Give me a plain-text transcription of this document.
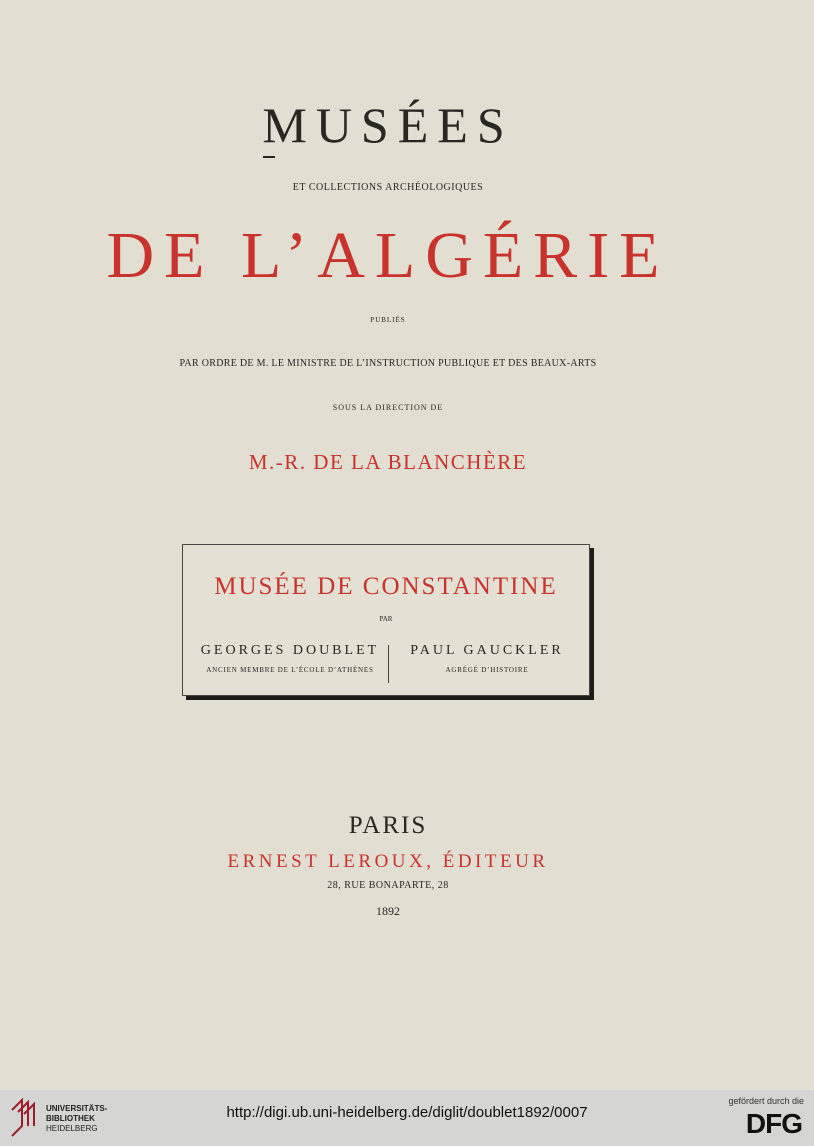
MUSÉES
ET COLLECTIONS ARCHÉOLOGIQUES
DE L’ALGÉRIE
PUBLIÉS
PAR ORDRE DE M. LE MINISTRE DE L’INSTRUCTION PUBLIQUE ET DES BEAUX-ARTS
SOUS LA DIRECTION DE
M.-R. DE LA BLANCHÈRE
MUSÉE DE CONSTANTINE
PAR
GEORGES DOUBLET
ANCIEN MEMBRE DE L’ÉCOLE D’ATHÈNES
PAUL GAUCKLER
AGRÉGÉ D’HISTOIRE
PARIS
ERNEST LEROUX, ÉDITEUR
28, RUE BONAPARTE, 28
1892
UNIVERSITÄTS-
BIBLIOTHEK
HEIDELBERG
http://digi.ub.uni-heidelberg.de/diglit/doublet1892/0007
gefördert durch die
DFG
